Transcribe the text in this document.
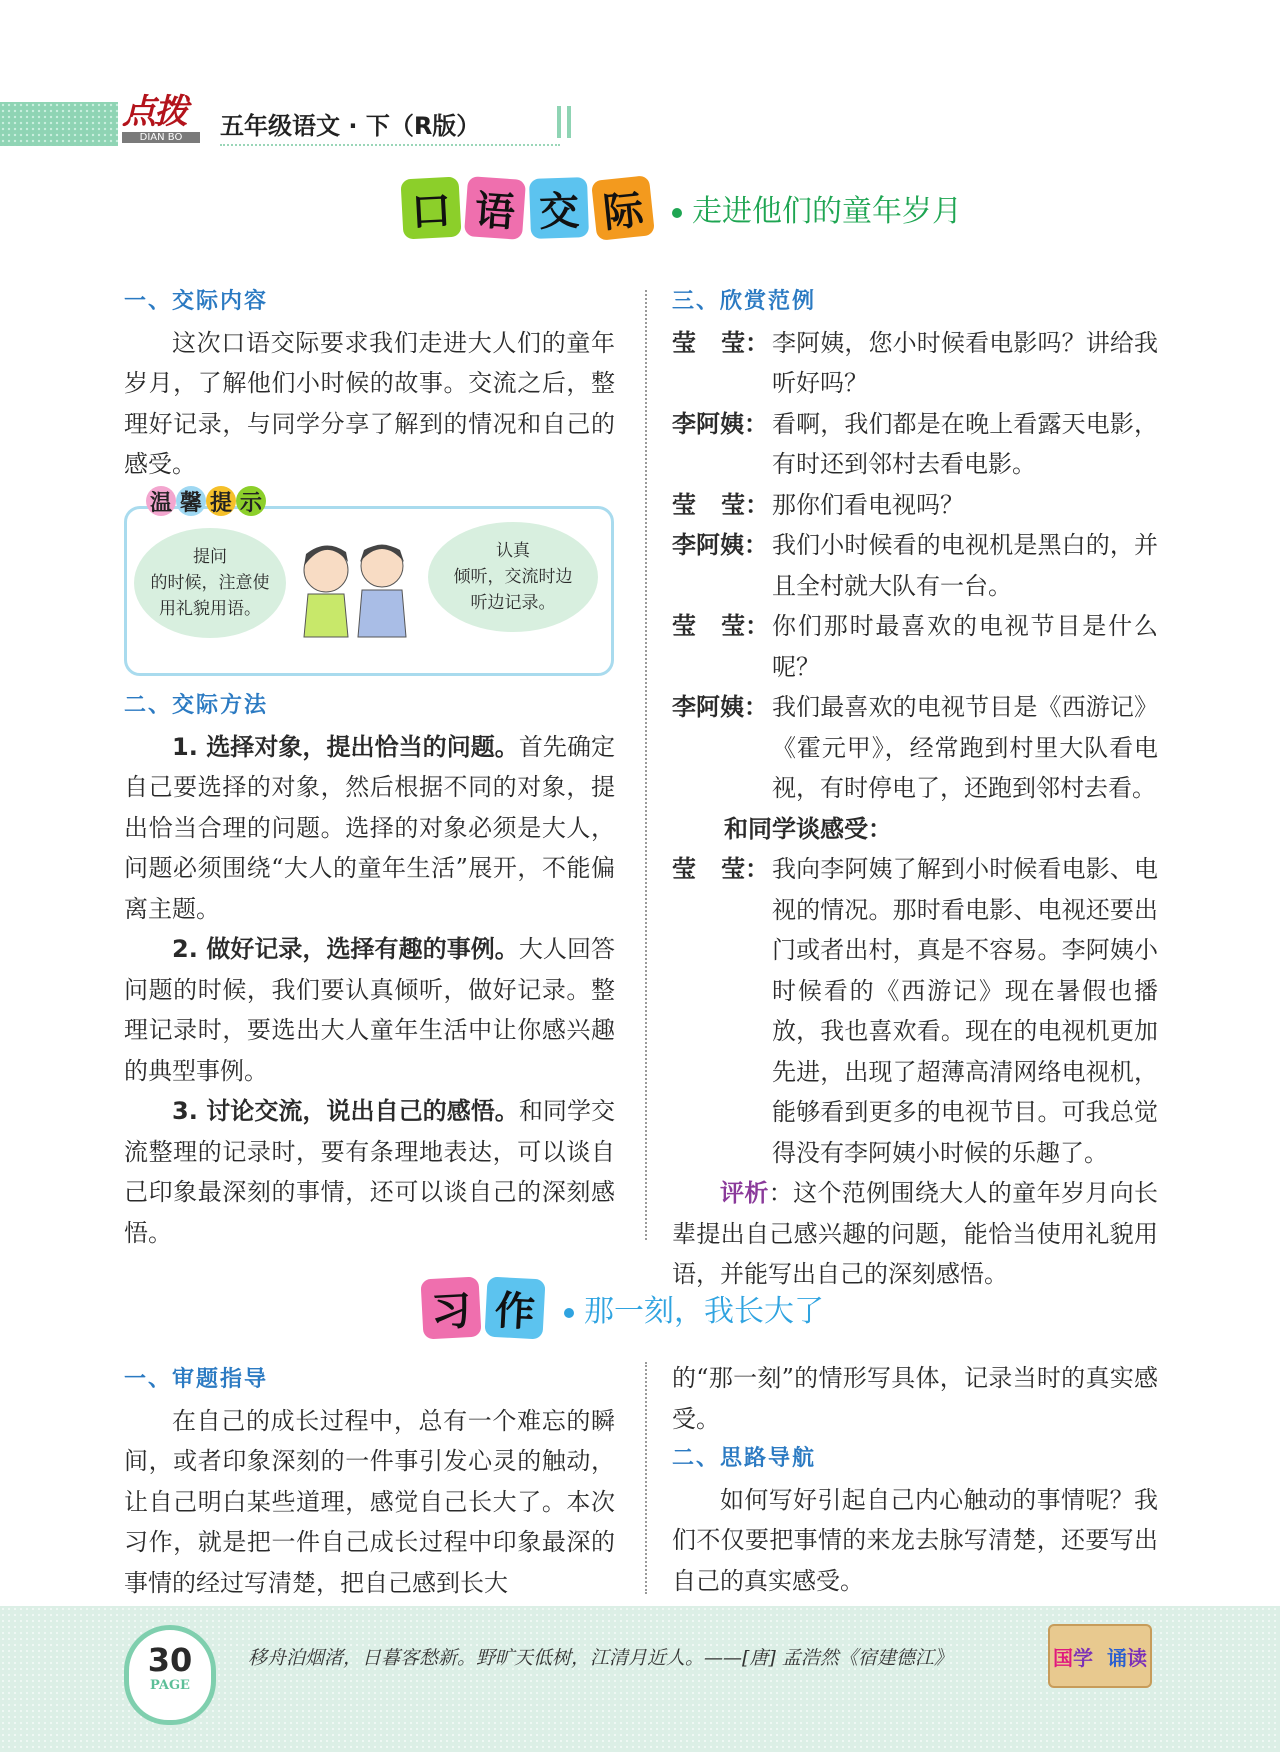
点拨
DIAN BO	五年级语文 · 下（R版）
口 语 交 际	走进他们的童年岁月
一、交际内容
这次口语交际要求我们走进大人们的童年岁月，了解他们小时候的故事。交流之后，整理好记录，与同学分享了解到的情况和自己的感受。
温 馨 提 示
提问
的时候，注意使
用礼貌用语。
认真
倾听，交流时边
听边记录。
二、交际方法
1. 选择对象，提出恰当的问题。首先确定自己要选择的对象，然后根据不同的对象，提出恰当合理的问题。选择的对象必须是大人，问题必须围绕“大人的童年生活”展开，不能偏离主题。
2. 做好记录，选择有趣的事例。大人回答问题的时候，我们要认真倾听，做好记录。整理记录时，要选出大人童年生活中让你感兴趣的典型事例。
3. 讨论交流，说出自己的感悟。和同学交流整理的记录时，要有条理地表达，可以谈自己印象最深刻的事情，还可以谈自己的深刻感悟。
三、欣赏范例
莹   莹： 李阿姨，您小时候看电影吗？讲给我听好吗？
李阿姨： 看啊，我们都是在晚上看露天电影，有时还到邻村去看电影。
莹   莹： 那你们看电视吗？
李阿姨： 我们小时候看的电视机是黑白的，并且全村就大队有一台。
莹   莹： 你们那时最喜欢的电视节目是什么呢？
李阿姨： 我们最喜欢的电视节目是《西游记》《霍元甲》，经常跑到村里大队看电视，有时停电了，还跑到邻村去看。
和同学谈感受：
莹   莹： 我向李阿姨了解到小时候看电影、电视的情况。那时看电影、电视还要出门或者出村，真是不容易。李阿姨小时候看的《西游记》现在暑假也播放，我也喜欢看。现在的电视机更加先进，出现了超薄高清网络电视机，能够看到更多的电视节目。可我总觉得没有李阿姨小时候的乐趣了。
评析：这个范例围绕大人的童年岁月向长辈提出自己感兴趣的问题，能恰当使用礼貌用语，并能写出自己的深刻感悟。
习 作	那一刻，我长大了
一、审题指导
在自己的成长过程中，总有一个难忘的瞬间，或者印象深刻的一件事引发心灵的触动，让自己明白某些道理，感觉自己长大了。本次习作，就是把一件自己成长过程中印象最深的事情的经过写清楚，把自己感到长大
的“那一刻”的情形写具体，记录当时的真实感受。
二、思路导航
如何写好引起自己内心触动的事情呢？我们不仅要把事情的来龙去脉写清楚，还要写出自己的真实感受。
30
PAGE
移舟泊烟渚，日暮客愁新。野旷天低树，江清月近人。——[唐] 孟浩然《宿建德江》	国 学 诵 读
